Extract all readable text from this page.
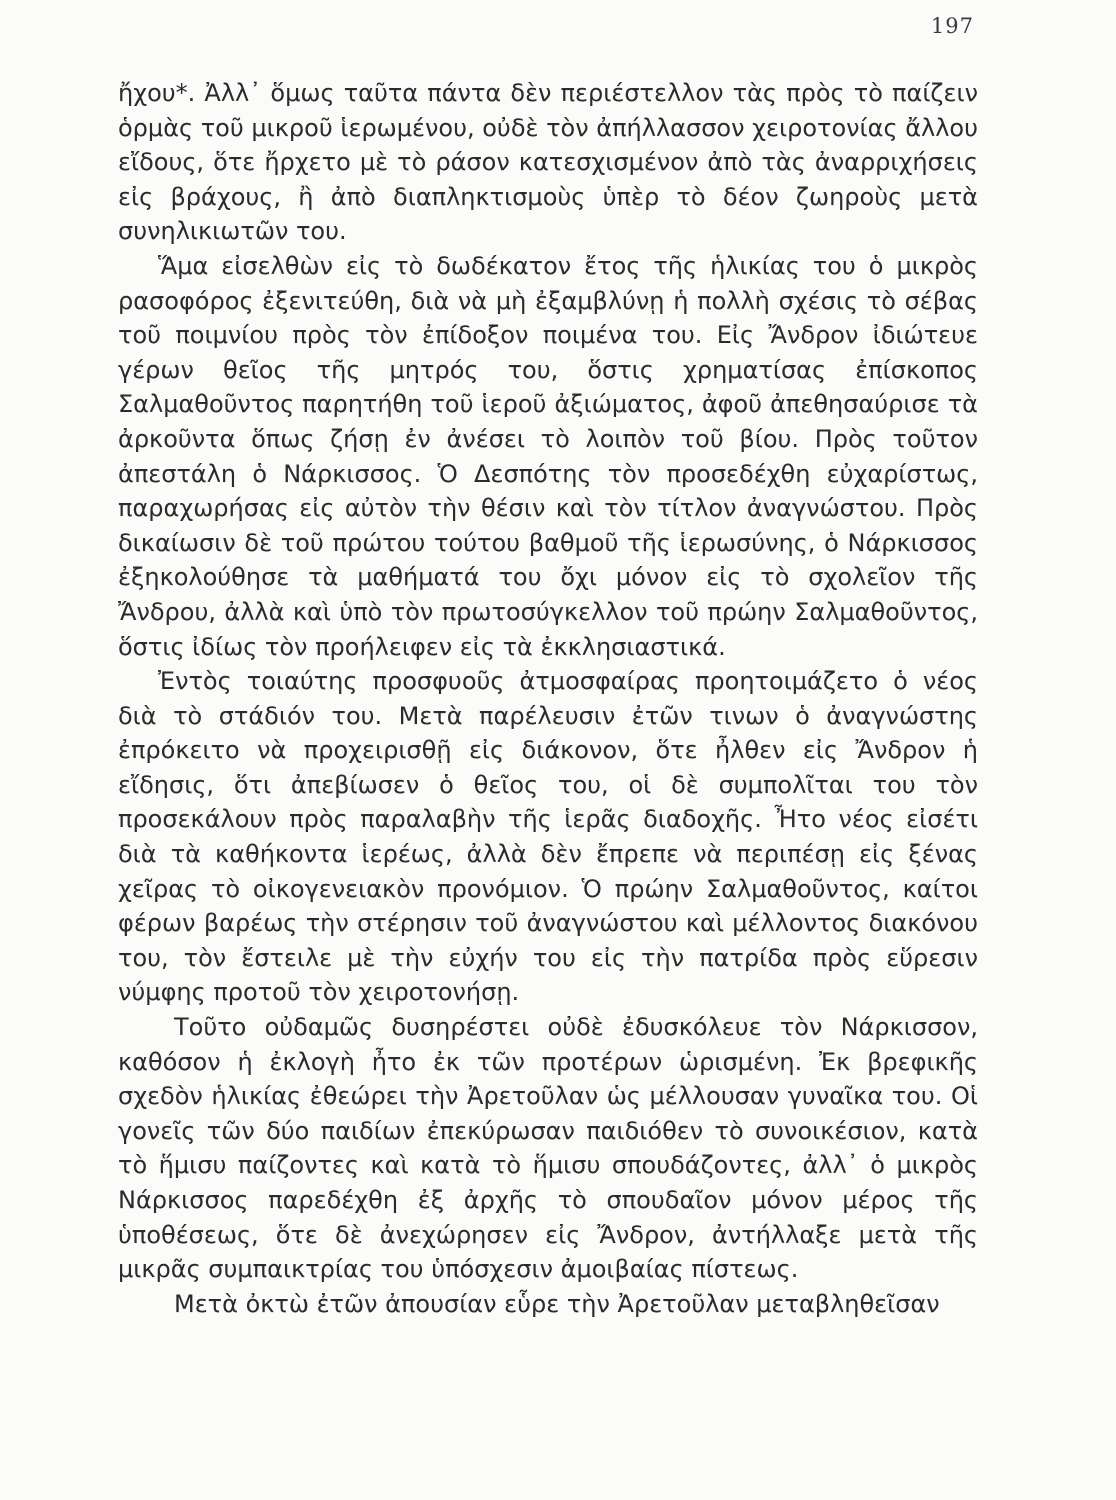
197

ἤχου*. Ἀλλ᾽ ὅμως ταῦτα πάντα δὲν περιέστελλον τὰς πρὸς τὸ παίζειν ὁρμὰς τοῦ μικροῦ ἱερωμένου, οὐδὲ τὸν ἀπήλλασσον χειροτονίας ἄλλου εἴδους, ὅτε ἤρχετο μὲ τὸ ράσον κατεσχισμένον ἀπὸ τὰς ἀναρριχήσεις εἰς βράχους, ἢ ἀπὸ διαπληκτισμοὺς ὑπὲρ τὸ δέον ζωηροὺς μετὰ συνηλικιωτῶν του.

Ἅμα εἰσελθὼν εἰς τὸ δωδέκατον ἔτος τῆς ἡλικίας του ὁ μικρὸς ρασοφόρος ἐξενιτεύθη, διὰ νὰ μὴ ἐξαμβλύνῃ ἡ πολλὴ σχέσις τὸ σέβας τοῦ ποιμνίου πρὸς τὸν ἐπίδοξον ποιμένα του. Εἰς Ἄνδρον ἰδιώτευε γέρων θεῖος τῆς μητρός του, ὅστις χρηματίσας ἐπίσκοπος Σαλμαθοῦντος παρητήθη τοῦ ἱεροῦ ἀξιώματος, ἀφοῦ ἀπεθησαύρισε τὰ ἀρκοῦντα ὅπως ζήσῃ ἐν ἀνέσει τὸ λοιπὸν τοῦ βίου. Πρὸς τοῦτον ἀπεστάλη ὁ Νάρκισσος. Ὁ Δεσπότης τὸν προσεδέχθη εὐχαρίστως, παραχωρήσας εἰς αὐτὸν τὴν θέσιν καὶ τὸν τίτλον ἀναγνώστου. Πρὸς δικαίωσιν δὲ τοῦ πρώτου τούτου βαθμοῦ τῆς ἱερωσύνης, ὁ Νάρκισσος ἐξηκολούθησε τὰ μαθήματά του ὄχι μόνον εἰς τὸ σχολεῖον τῆς Ἄνδρου, ἀλλὰ καὶ ὑπὸ τὸν πρωτοσύγκελλον τοῦ πρώην Σαλμαθοῦντος, ὅστις ἰδίως τὸν προήλειφεν εἰς τὰ ἐκκλησιαστικά.

Ἐντὸς τοιαύτης προσφυοῦς ἀτμοσφαίρας προητοιμάζετο ὁ νέος διὰ τὸ στάδιόν του. Μετὰ παρέλευσιν ἐτῶν τινων ὁ ἀναγνώστης ἐπρόκειτο νὰ προχειρισθῇ εἰς διάκονον, ὅτε ἦλθεν εἰς Ἄνδρον ἡ εἴδησις, ὅτι ἀπεβίωσεν ὁ θεῖος του, οἱ δὲ συμπολῖται του τὸν προσεκάλουν πρὸς παραλαβὴν τῆς ἱερᾶς διαδοχῆς. Ἦτο νέος εἰσέτι διὰ τὰ καθήκοντα ἱερέως, ἀλλὰ δὲν ἔπρεπε νὰ περιπέσῃ εἰς ξένας χεῖρας τὸ οἰκογενειακὸν προνόμιον. Ὁ πρώην Σαλμαθοῦντος, καίτοι φέρων βαρέως τὴν στέρησιν τοῦ ἀναγνώστου καὶ μέλλοντος διακόνου του, τὸν ἔστειλε μὲ τὴν εὐχήν του εἰς τὴν πατρίδα πρὸς εὕρεσιν νύμφης προτοῦ τὸν χειροτονήσῃ.

Τοῦτο οὐδαμῶς δυσηρέστει οὐδὲ ἐδυσκόλευε τὸν Νάρκισσον, καθόσον ἡ ἐκλογὴ ἦτο ἐκ τῶν προτέρων ὡρισμένη. Ἐκ βρεφικῆς σχεδὸν ἡλικίας ἐθεώρει τὴν Ἀρετοῦλαν ὡς μέλλουσαν γυναῖκα του. Οἱ γονεῖς τῶν δύο παιδίων ἐπεκύρωσαν παιδιόθεν τὸ συνοικέσιον, κατὰ τὸ ἥμισυ παίζοντες καὶ κατὰ τὸ ἥμισυ σπουδάζοντες, ἀλλ᾽ ὁ μικρὸς Νάρκισσος παρεδέχθη ἐξ ἀρχῆς τὸ σπουδαῖον μόνον μέρος τῆς ὑποθέσεως, ὅτε δὲ ἀνεχώρησεν εἰς Ἄνδρον, ἀντήλλαξε μετὰ τῆς μικρᾶς συμπαικτρίας του ὑπόσχεσιν ἀμοιβαίας πίστεως.

Μετὰ ὀκτὼ ἐτῶν ἀπουσίαν εὗρε τὴν Ἀρετοῦλαν μεταβληθεῖσαν
